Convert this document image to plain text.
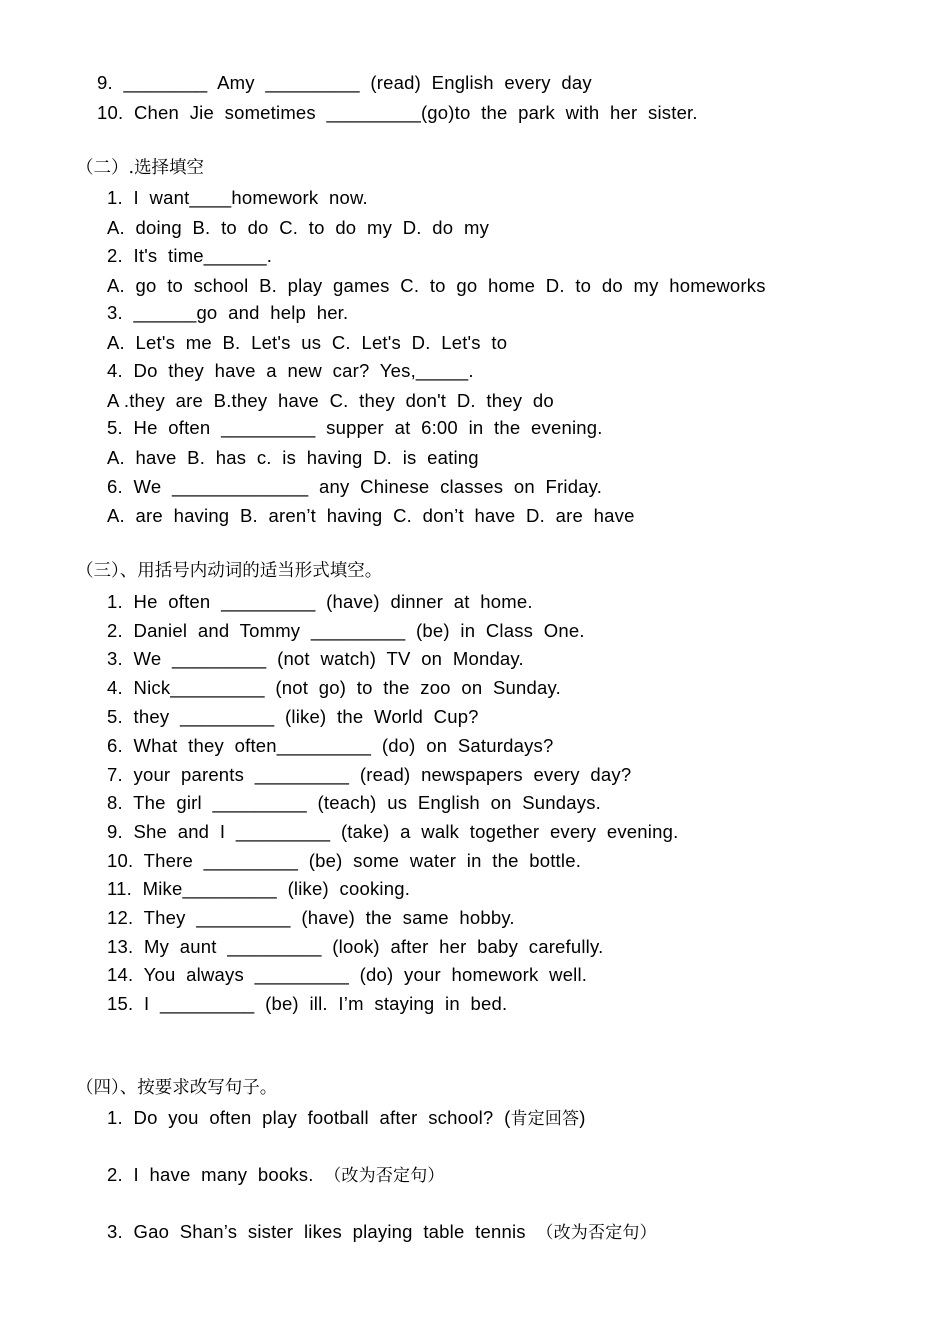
9.  ________  Amy  _________  (read)  English  every  day
10.  Chen  Jie  sometimes  _________(go)to  the  park  with  her  sister.
（二）.选择填空
1.  I  want____homework  now.
A.  doing  B.  to  do  C.  to  do  my  D.  do  my
2.  It's  time______.
A.  go  to  school  B.  play  games  C.  to  go  home  D.  to  do  my  homeworks
3.  ______go  and  help  her.
A.  Let's  me  B.  Let's  us  C.  Let's  D.  Let's  to
4.  Do  they  have  a  new  car?  Yes,_____.
A .they  are  B.they  have  C.  they  don't  D.  they  do
5.  He  often  _________  supper  at  6:00  in  the  evening.
A.  have  B.  has  c.  is  having  D.  is  eating
6.  We  _____________  any  Chinese  classes  on  Friday.
A.  are  having  B.  aren’t  having  C.  don’t  have  D.  are  have
（三）、用括号内动词的适当形式填空。
1.  He  often  _________  (have)  dinner  at  home.
2.  Daniel  and  Tommy  _________  (be)  in  Class  One.
3.  We  _________  (not  watch)  TV  on  Monday.
4.  Nick_________  (not  go)  to  the  zoo  on  Sunday.
5.  they  _________  (like)  the  World  Cup?
6.  What  they  often_________  (do)  on  Saturdays?
7.  your  parents  _________  (read)  newspapers  every  day?
8.  The  girl  _________  (teach)  us  English  on  Sundays.
9.  She  and  I  _________  (take)  a  walk  together  every  evening.
10.  There  _________  (be)  some  water  in  the  bottle.
11.  Mike_________  (like)  cooking.
12.  They  _________  (have)  the  same  hobby.
13.  My  aunt  _________  (look)  after  her  baby  carefully.
14.  You  always  _________  (do)  your  homework  well.
15.  I  _________  (be)  ill.  I’m  staying  in  bed.
（四）、按要求改写句子。
1.  Do  you  often  play  football  after  school?  (肯定回答)
2.  I  have  many  books.  （改为否定句）
3.  Gao  Shan’s  sister  likes  playing  table  tennis  （改为否定句）
